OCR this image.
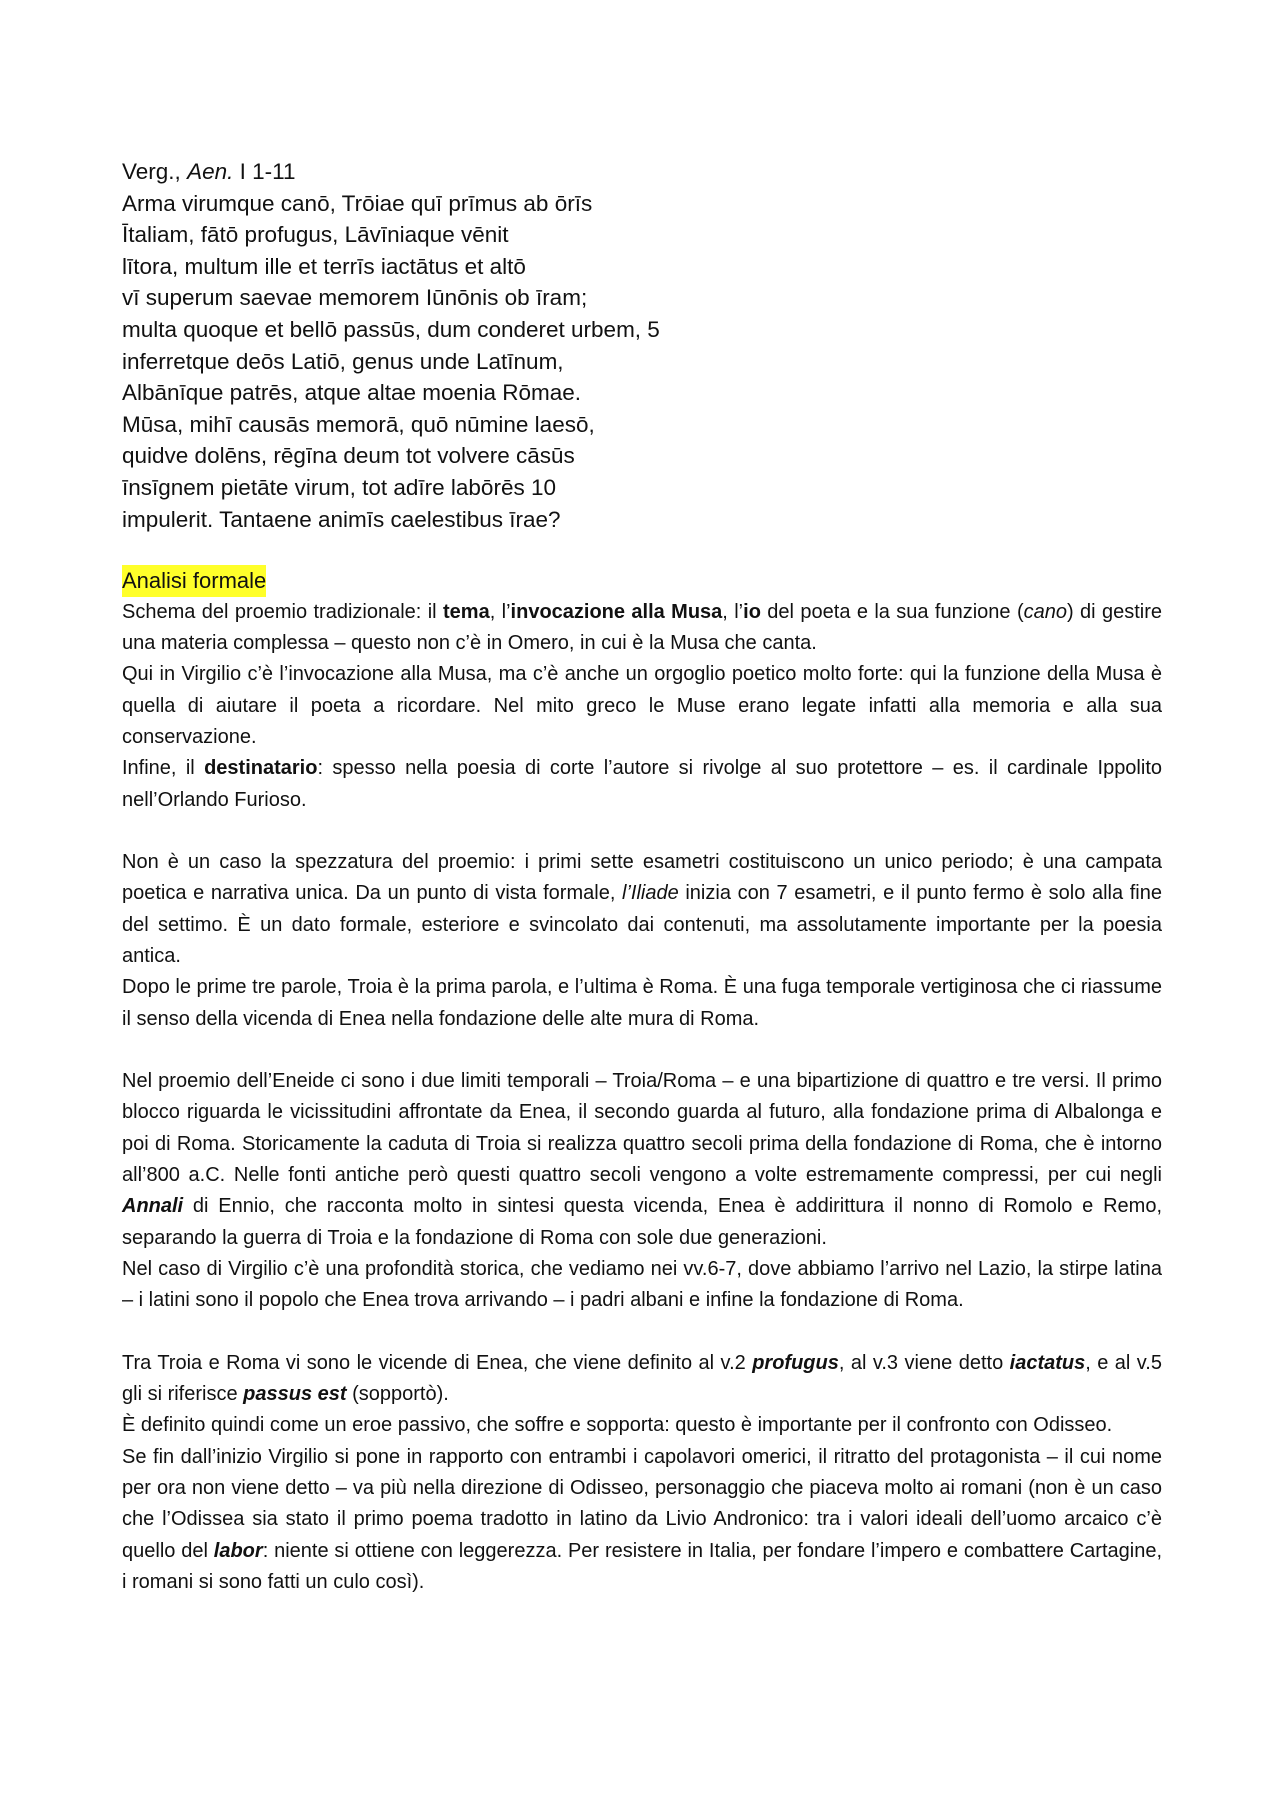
Verg., Aen. I 1-11
Arma virumque canō, Trōiae quī prīmus ab ōrīs
Ītaliam, fātō profugus, Lāvīniaque vēnit
lītora, multum ille et terrīs iactātus et altō
vī superum saevae memorem Iūnōnis ob īram;
multa quoque et bellō passūs, dum conderet urbem, 5
inferretque deōs Latiō, genus unde Latīnum,
Albānīque patrēs, atque altae moenia Rōmae.
Mūsa, mihī causās memorā, quō nūmine laesō,
quidve dolēns, rēgīna deum tot volvere cāsūs
īnsīgnem pietāte virum, tot adīre labōrēs 10
impulerit. Tantaene animīs caelestibus īrae?
Analisi formale

Schema del proemio tradizionale: il tema, l’invocazione alla Musa, l’io del poeta e la sua funzione (cano) di gestire una materia complessa – questo non c’è in Omero, in cui è la Musa che canta.

Qui in Virgilio c’è l’invocazione alla Musa, ma c’è anche un orgoglio poetico molto forte: qui la funzione della Musa è quella di aiutare il poeta a ricordare. Nel mito greco le Muse erano legate infatti alla memoria e alla sua conservazione.

Infine, il destinatario: spesso nella poesia di corte l’autore si rivolge al suo protettore – es. il cardinale Ippolito nell’Orlando Furioso.

Non è un caso la spezzatura del proemio: i primi sette esametri costituiscono un unico periodo; è una campata poetica e narrativa unica. Da un punto di vista formale, l’Iliade inizia con 7 esametri, e il punto fermo è solo alla fine del settimo. È un dato formale, esteriore e svincolato dai contenuti, ma assolutamente importante per la poesia antica.

Dopo le prime tre parole, Troia è la prima parola, e l’ultima è Roma. È una fuga temporale vertiginosa che ci riassume il senso della vicenda di Enea nella fondazione delle alte mura di Roma.

Nel proemio dell’Eneide ci sono i due limiti temporali – Troia/Roma – e una bipartizione di quattro e tre versi. Il primo blocco riguarda le vicissitudini affrontate da Enea, il secondo guarda al futuro, alla fondazione prima di Albalonga e poi di Roma. Storicamente la caduta di Troia si realizza quattro secoli prima della fondazione di Roma, che è intorno all’800 a.C. Nelle fonti antiche però questi quattro secoli vengono a volte estremamente compressi, per cui negli Annali di Ennio, che racconta molto in sintesi questa vicenda, Enea è addirittura il nonno di Romolo e Remo, separando la guerra di Troia e la fondazione di Roma con sole due generazioni.

Nel caso di Virgilio c’è una profondità storica, che vediamo nei vv.6-7, dove abbiamo l’arrivo nel Lazio, la stirpe latina – i latini sono il popolo che Enea trova arrivando – i padri albani e infine la fondazione di Roma.

Tra Troia e Roma vi sono le vicende di Enea, che viene definito al v.2 profugus, al v.3 viene detto iactatus, e al v.5 gli si riferisce passus est (sopportò).

È definito quindi come un eroe passivo, che soffre e sopporta: questo è importante per il confronto con Odisseo.

Se fin dall’inizio Virgilio si pone in rapporto con entrambi i capolavori omerici, il ritratto del protagonista – il cui nome per ora non viene detto – va più nella direzione di Odisseo, personaggio che piaceva molto ai romani (non è un caso che l’Odissea sia stato il primo poema tradotto in latino da Livio Andronico: tra i valori ideali dell’uomo arcaico c’è quello del labor: niente si ottiene con leggerezza. Per resistere in Italia, per fondare l’impero e combattere Cartagine, i romani si sono fatti un culo così).
